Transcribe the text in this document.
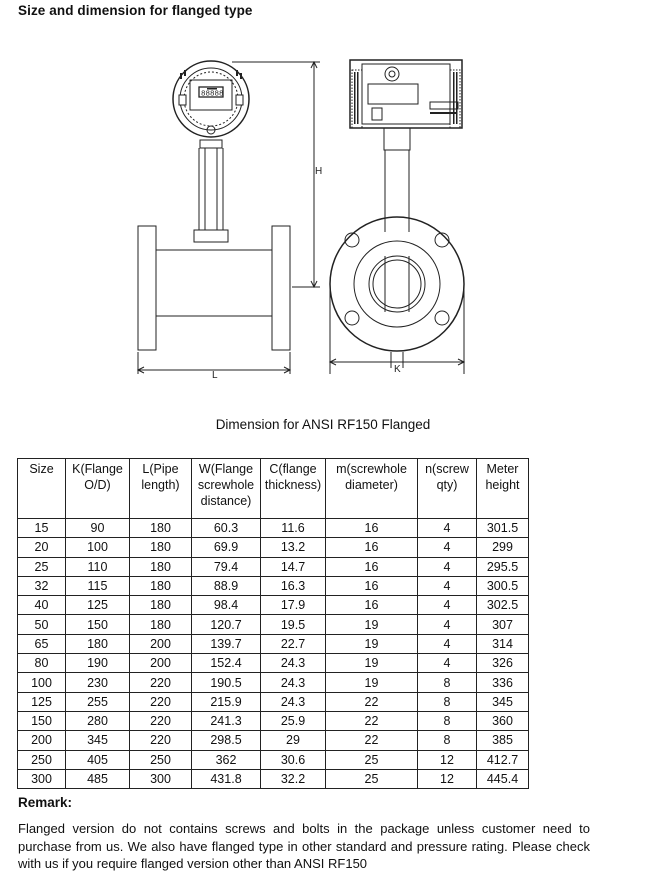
Size and dimension for flanged type
H
L
K
88888
Dimension for ANSI RF150 Flanged
Size	K(Flange O/D)	L(Pipe length)	W(Flange screwhole distance)	C(flange thickness)	m(screwhole diameter)	n(screw qty)	Meter height
15	90	180	60.3	11.6	16	4	301.5
20	100	180	69.9	13.2	16	4	299
25	110	180	79.4	14.7	16	4	295.5
32	115	180	88.9	16.3	16	4	300.5
40	125	180	98.4	17.9	16	4	302.5
50	150	180	120.7	19.5	19	4	307
65	180	200	139.7	22.7	19	4	314
80	190	200	152.4	24.3	19	4	326
100	230	220	190.5	24.3	19	8	336
125	255	220	215.9	24.3	22	8	345
150	280	220	241.3	25.9	22	8	360
200	345	220	298.5	29	22	8	385
250	405	250	362	30.6	25	12	412.7
300	485	300	431.8	32.2	25	12	445.4
Remark:
Flanged version do not contains screws and bolts in the package unless customer need to purchase from us. We also have flanged type in other standard and pressure rating. Please check with us if you require flanged version other than ANSI RF150
